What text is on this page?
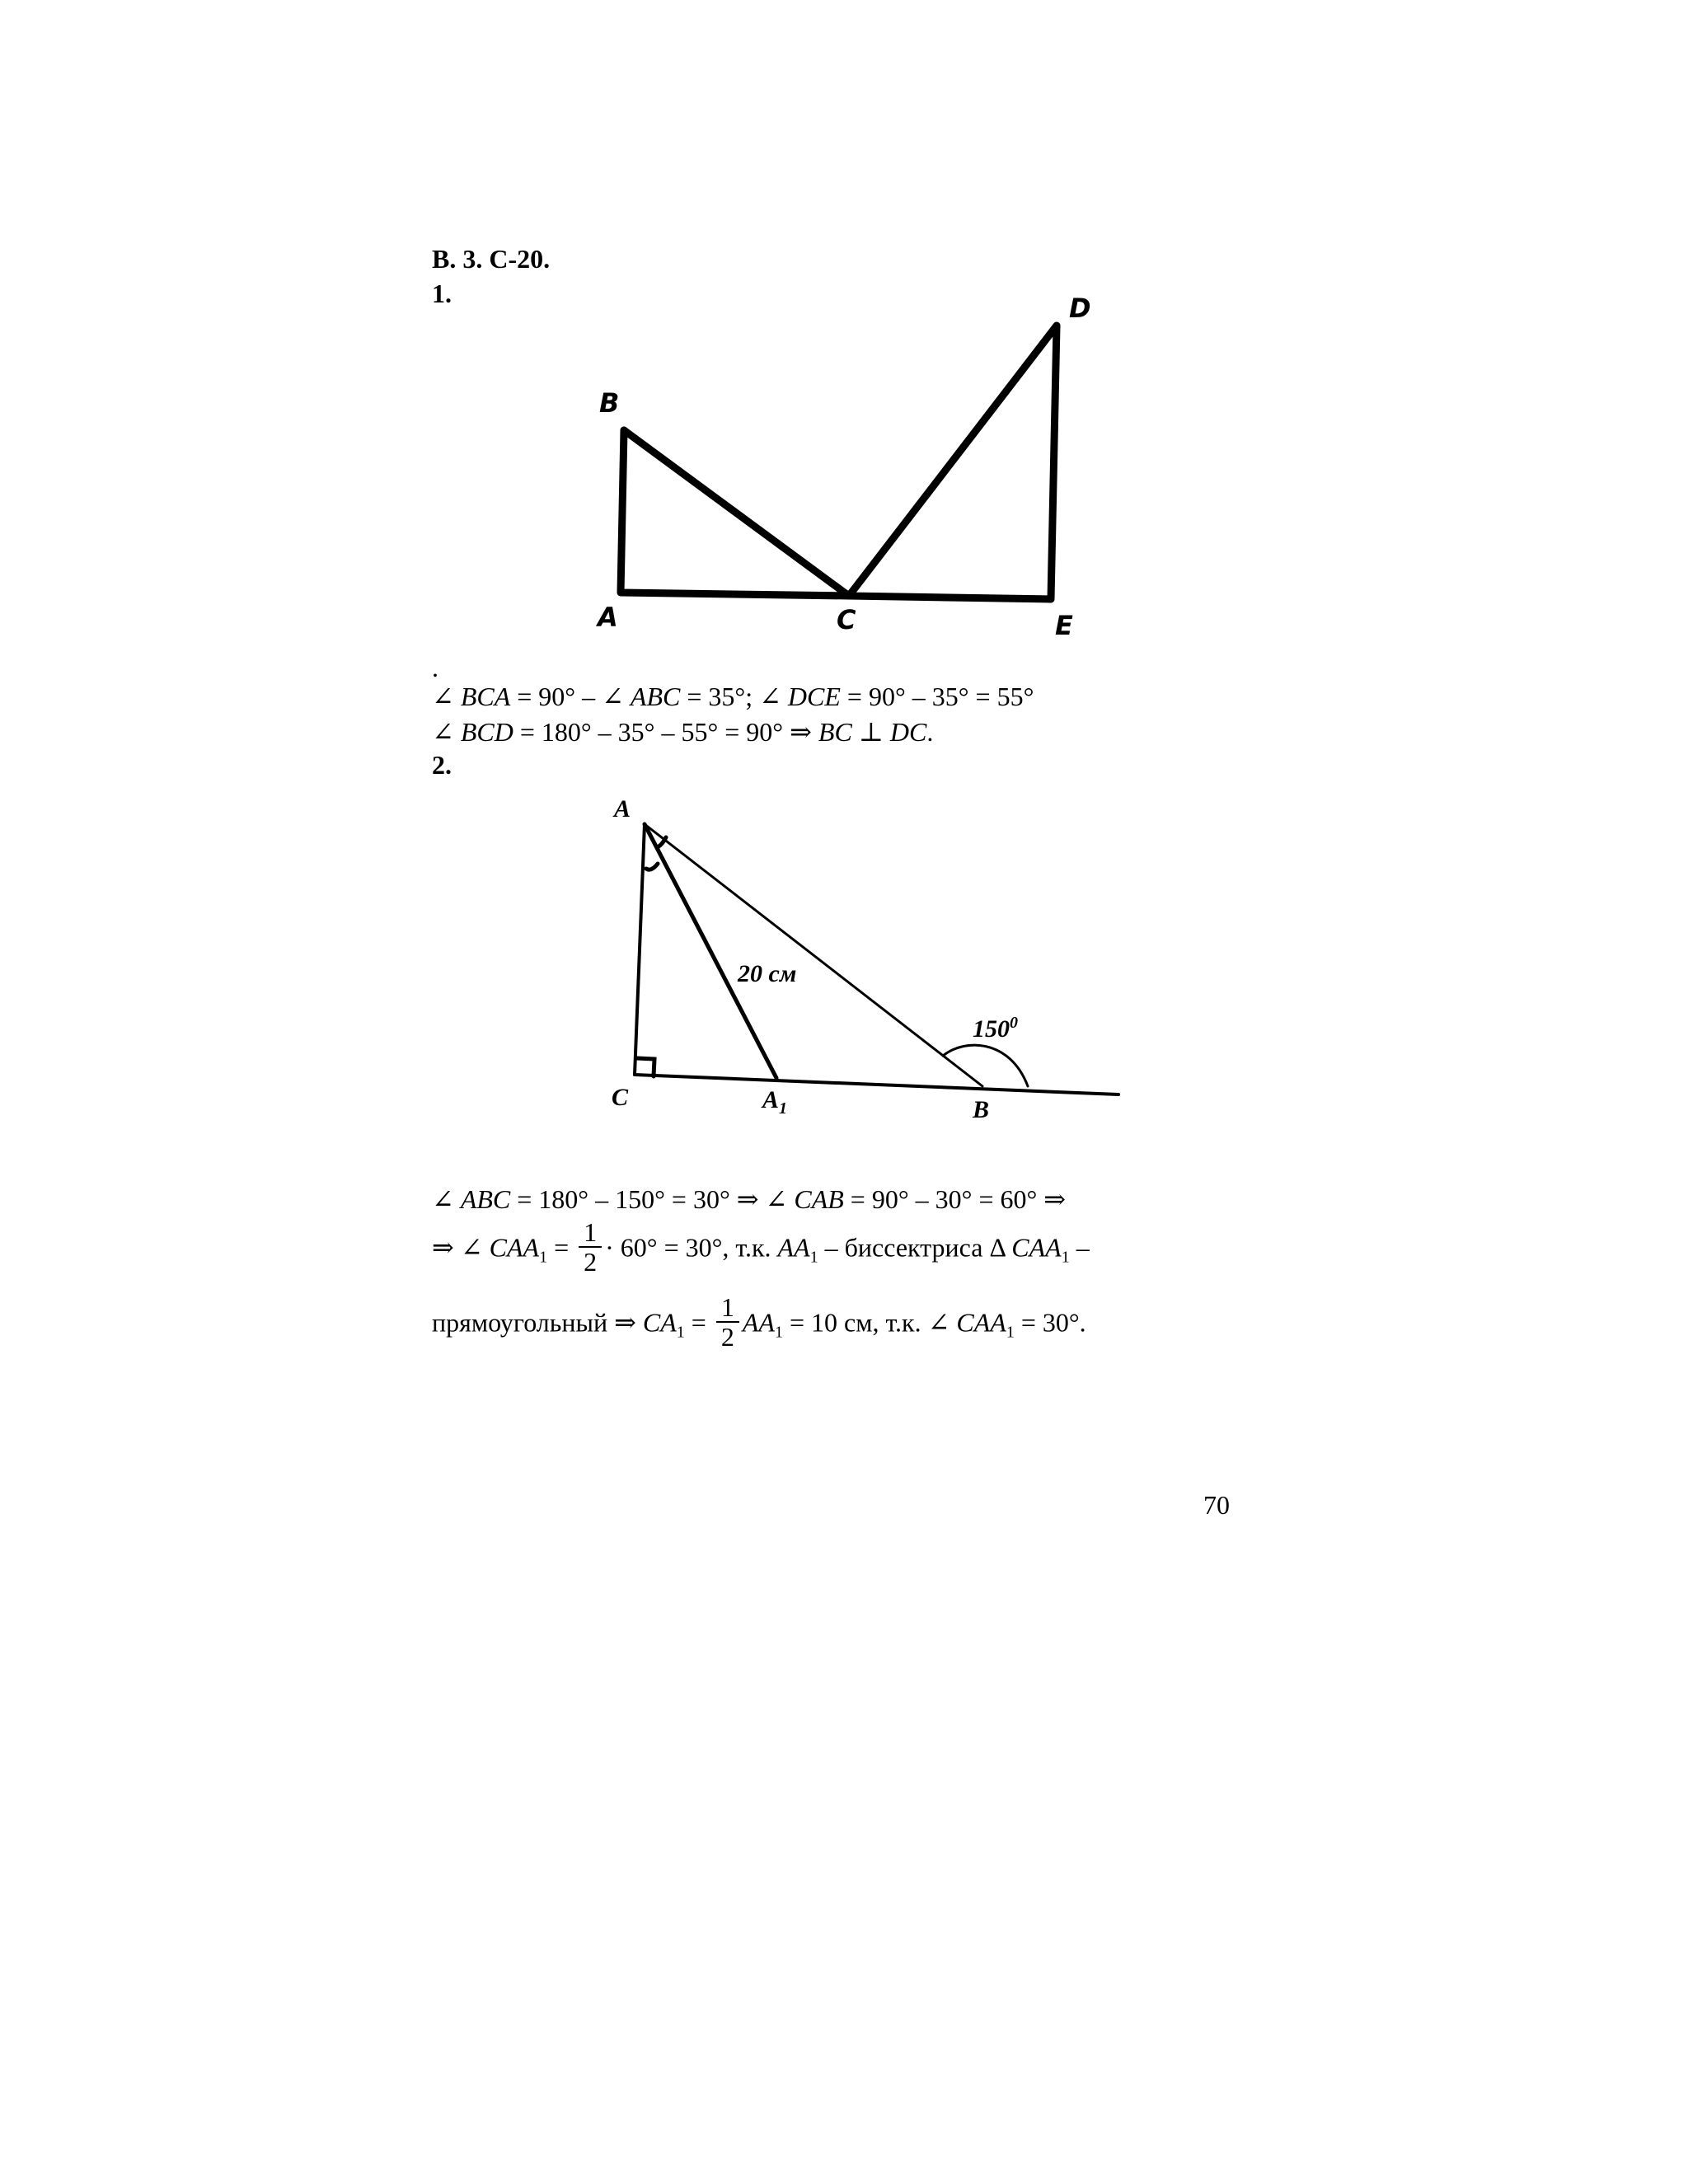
В. 3. С-20.
1.
B
A	C	E
D
.
∠ BCA = 90° – ∠ ABC = 35°; ∠ DCE = 90° – 35° = 55°
∠ BCD = 180° – 35° – 55° = 90° ⇒ BC ⊥ DC.
2.
A
C	$A_1$	B
20 см
$150^0$
∠ ABC = 180° – 150° = 30° ⇒ ∠ CAB = 90° – 30° = 60° ⇒
⇒ ∠ $CAA_1 = \frac{1}{2} \cdot 60^\circ = 30^\circ$, т.к. $AA_1$ – биссектриса Δ $CAA_1$ –
прямоугольный ⇒ $CA_1 = \frac{1}{2} AA_1 = 10$ см, т.к. ∠ $CAA_1 = 30^\circ$.
70
